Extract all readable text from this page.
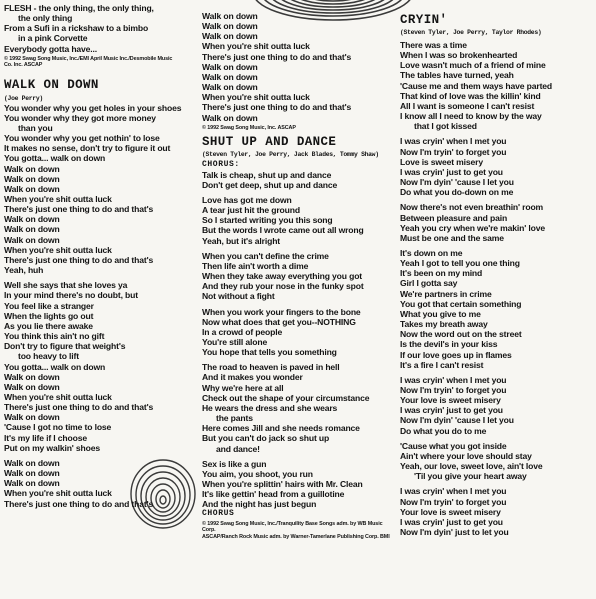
FLESH - the only thing, the only thing,
the only thing
From a Sufi in a rickshaw to a bimbo
in a pink Corvette
Everybody gotta have...
© 1992 Swag Song Music, Inc./EMI April Music Inc./Desmobile Music
Co. Inc. ASCAP
WALK ON DOWN
(Joe Perry)
You wonder why you get holes in your shoes
You wonder why they got more money
than you
You wonder why you get nothin' to lose
It makes no sense, don't try to figure it out
You gotta... walk on down
Walk on down
Walk on down
Walk on down
When you're shit outta luck
There's just one thing to do and that's
Walk on down
Walk on down
Walk on down
When you're shit outta luck
There's just one thing to do and that's
Yeah, huh
Well she says that she loves ya
In your mind there's no doubt, but
You feel like a stranger
When the lights go out
As you lie there awake
You think this ain't no gift
Don't try to figure that weight's
too heavy to lift
You gotta... walk on down
Walk on down
Walk on down
When you're shit outta luck
There's just one thing to do and that's
Walk on down
'Cause I got no time to lose
It's my life if I choose
Put on my walkin' shoes
Walk on down
Walk on down
Walk on down
When you're shit outta luck
There's just one thing to do and that's
Walk on down
Walk on down
Walk on down
When you're shit outta luck
There's just one thing to do and that's
Walk on down
Walk on down
Walk on down
When you're shit outta luck
There's just one thing to do and that's
Walk on down
© 1992 Swag Song Music, Inc. ASCAP
SHUT UP AND DANCE
(Steven Tyler, Joe Perry, Jack Blades, Tommy Shaw)
CHORUS:
Talk is cheap, shut up and dance
Don't get deep, shut up and dance
Love has got me down
A tear just hit the ground
So I started writing you this song
But the words I wrote came out all wrong
Yeah, but it's alright
When you can't define the crime
Then life ain't worth a dime
When they take away everything you got
And they rub your nose in the funky spot
Not without a fight
When you work your fingers to the bone
Now what does that get you--NOTHING
In a crowd of people
You're still alone
You hope that tells you something
The road to heaven is paved in hell
And it makes you wonder
Why we're here at all
Check out the shape of your circumstance
He wears the dress and she wears
the pants
Here comes Jill and she needs romance
But you can't do jack so shut up
and dance!
Sex is like a gun
You aim, you shoot, you run
When you're splittin' hairs with Mr. Clean
It's like gettin' head from a guillotine
And the night has just begun
CHORUS
© 1992 Swag Song Music, Inc./Tranquility Base Songs adm. by WB Music Corp.
ASCAP/Ranch Rock Music adm. by Warner-Tamerlane Publishing Corp. BMI
CRYIN'
(Steven Tyler, Joe Perry, Taylor Rhodes)
There was a time
When I was so brokenhearted
Love wasn't much of a friend of mine
The tables have turned, yeah
'Cause me and them ways have parted
That kind of love was the killin' kind
All I want is someone I can't resist
I know all I need to know by the way
that I got kissed
I was cryin' when I met you
Now I'm tryin' to forget you
Love is sweet misery
I was cryin' just to get you
Now I'm dyin' 'cause I let you
Do what you do-down on me
Now there's not even breathin' room
Between pleasure and pain
Yeah you cry when we're makin' love
Must be one and the same
It's down on me
Yeah I got to tell you one thing
It's been on my mind
Girl I gotta say
We're partners in crime
You got that certain something
What you give to me
Takes my breath away
Now the word out on the street
Is the devil's in your kiss
If our love goes up in flames
It's a fire I can't resist
I was cryin' when I met you
Now I'm tryin' to forget you
Your love is sweet misery
I was cryin' just to get you
Now I'm dyin' 'cause I let you
Do what you do to me
'Cause what you got inside
Ain't where your love should stay
Yeah, our love, sweet love, ain't love
'Til you give your heart away
I was cryin' when I met you
Now I'm tryin' to forget you
Your love is sweet misery
I was cryin' just to get you
Now I'm dyin' just to let you
